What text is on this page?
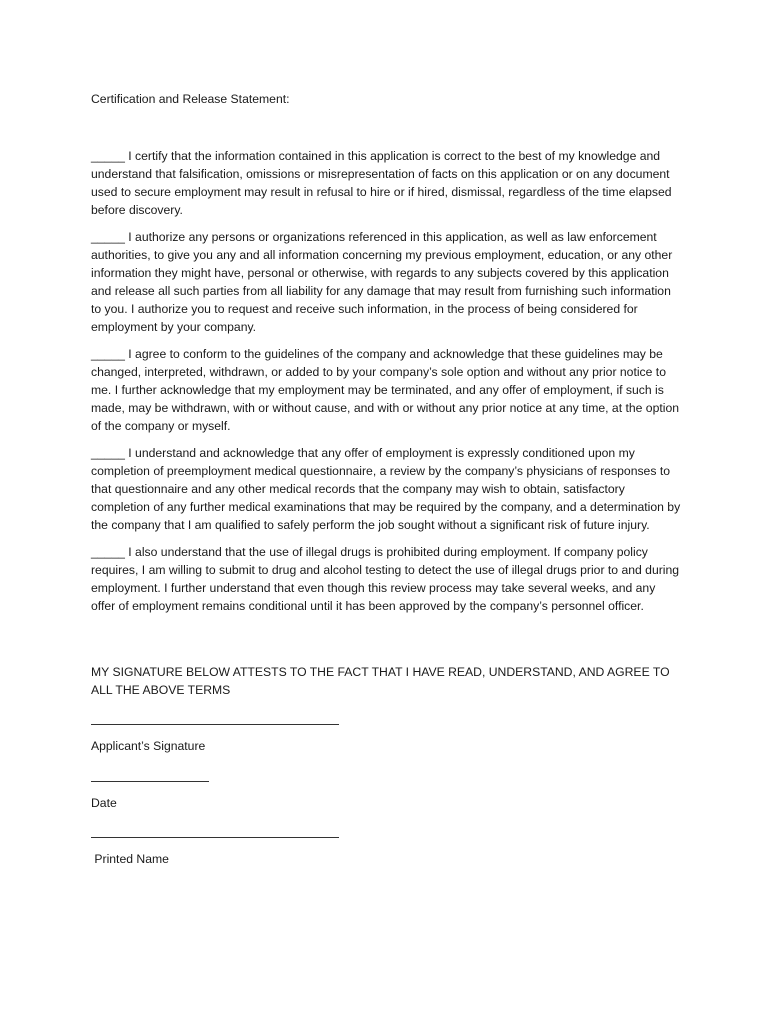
Certification and Release Statement:

_____ I certify that the information contained in this application is correct to the best of my knowledge and understand that falsification, omissions or misrepresentation of facts on this application or on any document used to secure employment may result in refusal to hire or if hired, dismissal, regardless of the time elapsed before discovery.

_____ I authorize any persons or organizations referenced in this application, as well as law enforcement authorities, to give you any and all information concerning my previous employment, education, or any other information they might have, personal or otherwise, with regards to any subjects covered by this application and release all such parties from all liability for any damage that may result from furnishing such information to you. I authorize you to request and receive such information, in the process of being considered for employment by your company.

_____ I agree to conform to the guidelines of the company and acknowledge that these guidelines may be changed, interpreted, withdrawn, or added to by your company’s sole option and without any prior notice to me. I further acknowledge that my employment may be terminated, and any offer of employment, if such is made, may be withdrawn, with or without cause, and with or without any prior notice at any time, at the option of the company or myself.

_____ I understand and acknowledge that any offer of employment is expressly conditioned upon my completion of preemployment medical questionnaire, a review by the company’s physicians of responses to that questionnaire and any other medical records that the company may wish to obtain, satisfactory completion of any further medical examinations that may be required by the company, and a determination by the company that I am qualified to safely perform the job sought without a significant risk of future injury.

_____ I also understand that the use of illegal drugs is prohibited during employment. If company policy requires, I am willing to submit to drug and alcohol testing to detect the use of illegal drugs prior to and during employment. I further understand that even though this review process may take several weeks, and any offer of employment remains conditional until it has been approved by the company’s personnel officer.

MY SIGNATURE BELOW ATTESTS TO THE FACT THAT I HAVE READ, UNDERSTAND, AND AGREE TO ALL THE ABOVE TERMS
Applicant’s Signature
Date
Printed Name
